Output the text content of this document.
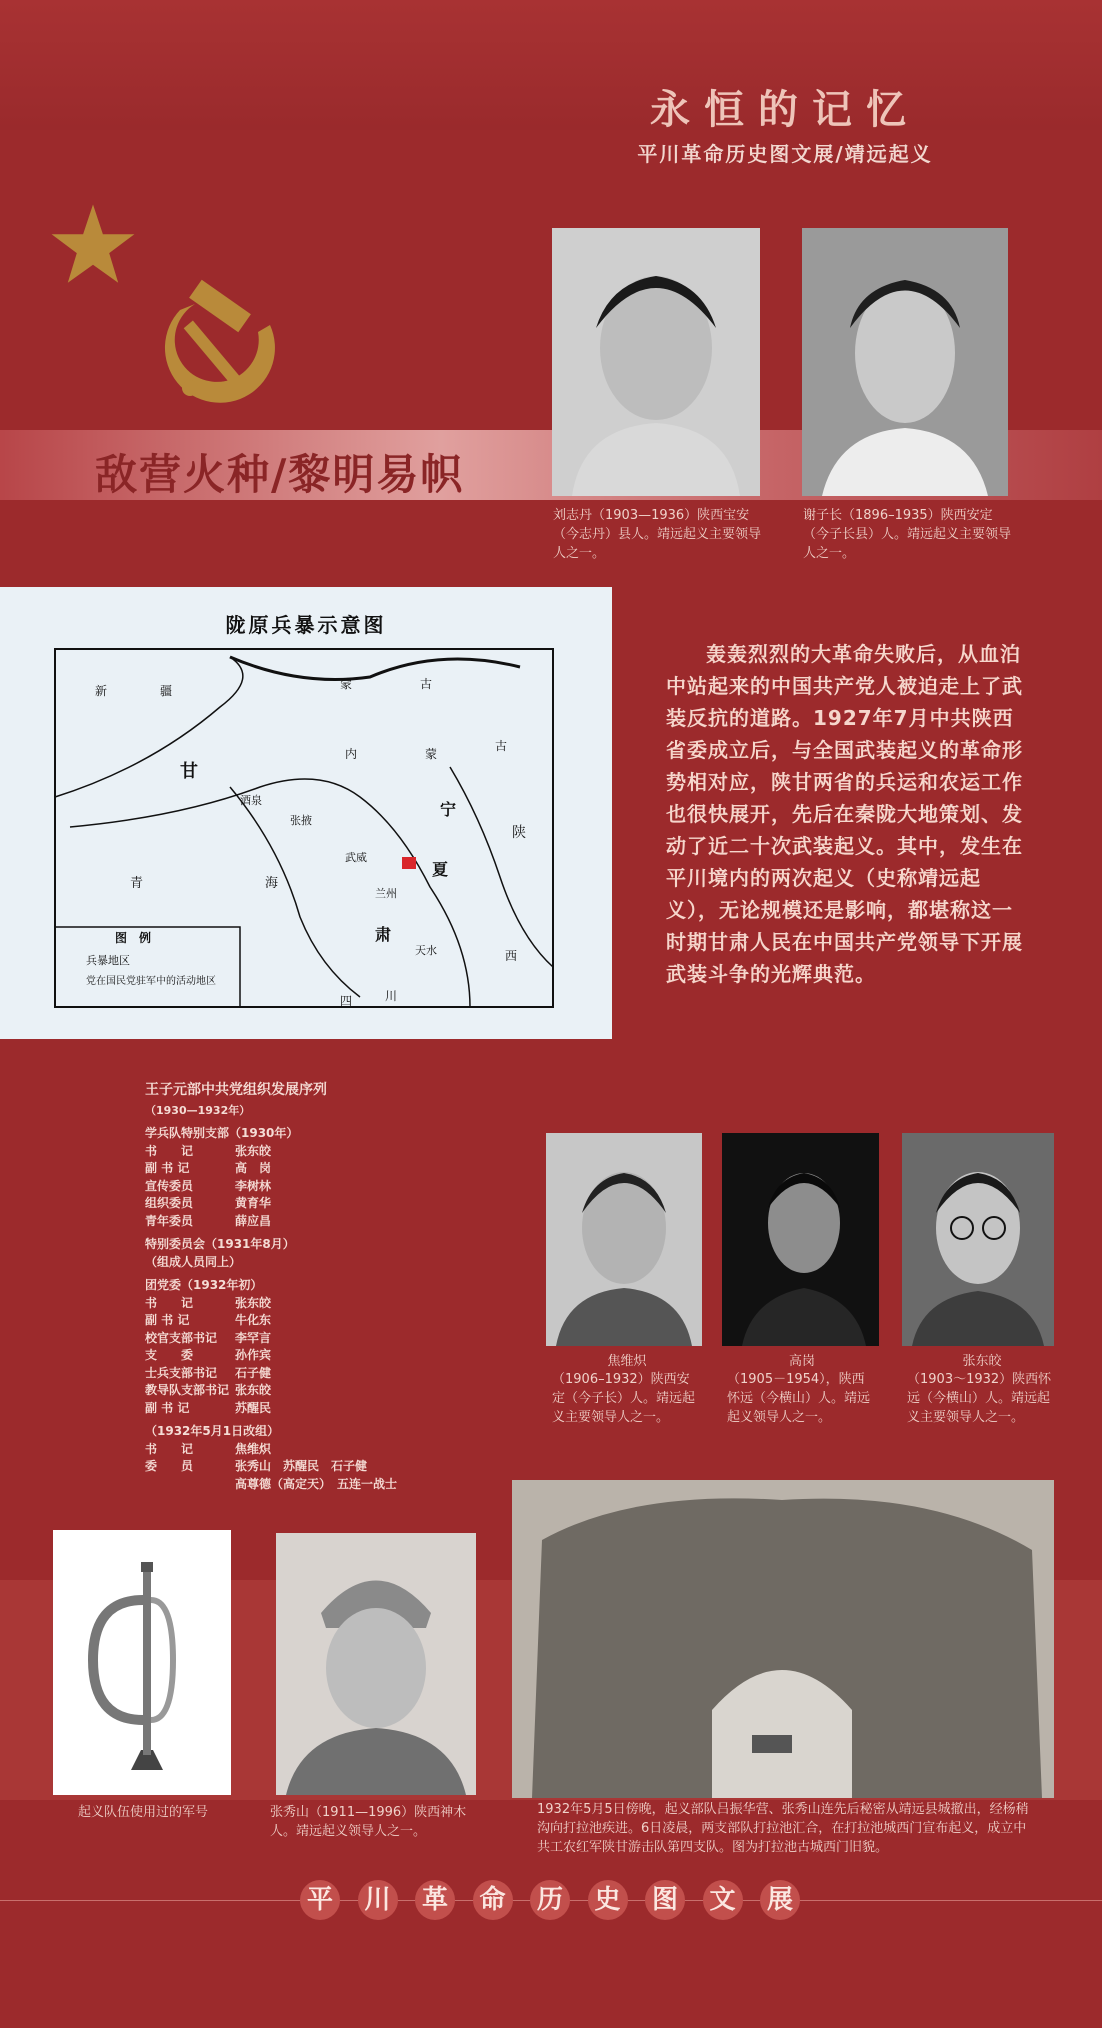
永恒的记忆
平川革命历史图文展/靖远起义
敌营火种/黎明易帜
刘志丹（1903—1936）陕西宝安（今志丹）县人。靖远起义主要领导人之一。
谢子长（1896–1935）陕西安定（今子长县）人。靖远起义主要领导人之一。
陇原兵暴示意图
新	疆	蒙	古
内	蒙
古
甘
酒泉
张掖
武威
宁
夏
陕
青	海
兰州
肃
天水	西
川
四
图　例
兵暴地区
党在国民党驻军中的活动地区
轰轰烈烈的大革命失败后，从血泊中站起来的中国共产党人被迫走上了武装反抗的道路。1927年7月中共陕西省委成立后，与全国武装起义的革命形势相对应，陕甘两省的兵运和农运工作也很快展开，先后在秦陇大地策划、发动了近二十次武装起义。其中，发生在平川境内的两次起义（史称靖远起义），无论规模还是影响，都堪称这一时期甘肃人民在中国共产党领导下开展武装斗争的光辉典范。
王子元部中共党组织发展序列
（1930—1932年）
学兵队特别支部（1930年）
书　　记	张东皎
副 书 记	高　岗
宣传委员	李树林
组织委员	黄育华
青年委员	薛应昌
特别委员会（1931年8月）
（组成人员同上）
团党委（1932年初）
书　　记	张东皎
副 书 记	牛化东
校官支部书记	李罕言
支　　委	孙作宾
士兵支部书记	石子健
教导队支部书记 张东皎
副 书 记	苏醒民
（1932年5月1日改组）
书　　记	焦维炽
委　　员	张秀山　苏醒民　石子健
高尊德（高定天）　五连一战士
焦维炽
（1906–1932）陕西安定（今子长）人。靖远起义主要领导人之一。
高岗
（1905－1954），陕西怀远（今横山）人。靖远起义领导人之一。
张东皎
（1903～1932）陕西怀远（今横山）人。靖远起义主要领导人之一。
起义队伍使用过的军号	张秀山（1911—1996）陕西神木人。靖远起义领导人之一。
1932年5月5日傍晚，起义部队吕振华营、张秀山连先后秘密从靖远县城撤出，经杨稍沟向打拉池疾进。6日凌晨，两支部队打拉池汇合，在打拉池城西门宣布起义，成立中共工农红军陕甘游击队第四支队。图为打拉池古城西门旧貌。
平 川 革 命 历 史 图 文 展
